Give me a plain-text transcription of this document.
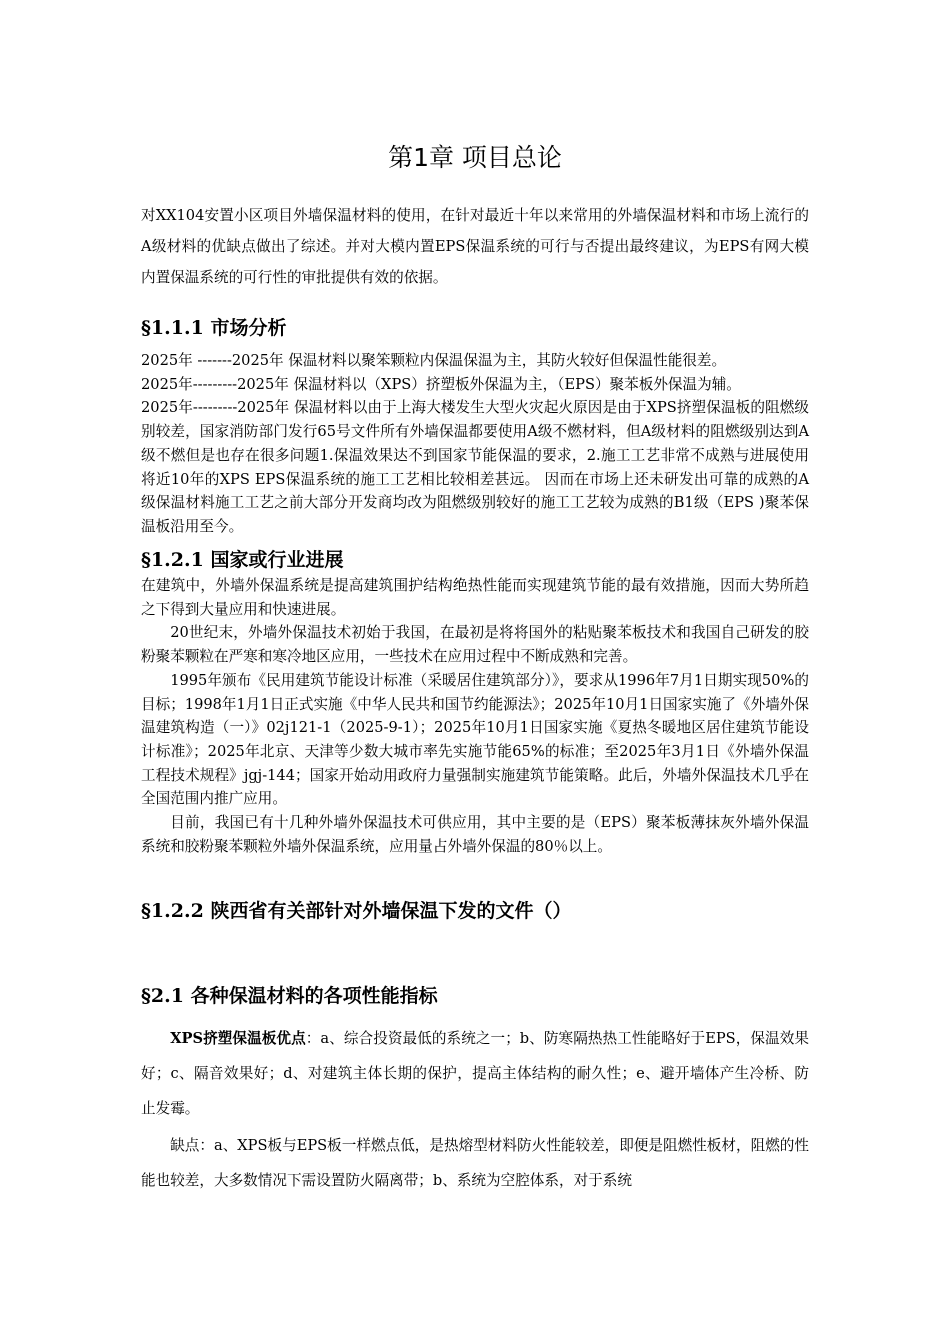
第1章 项目总论

对XX104安置小区项目外墙保温材料的使用，在针对最近十年以来常用的外墙保温材料和市场上流行的A级材料的优缺点做出了综述。并对大模内置EPS保温系统的可行与否提出最终建议，为EPS有网大模内置保温系统的可行性的审批提供有效的依据。

§1.1.1 市场分析
2025年 -------2025年 保温材料以聚笨颗粒内保温保温为主，其防火较好但保温性能很差。
2025年---------2025年 保温材料以（XPS）挤塑板外保温为主，（EPS）聚苯板外保温为辅。
2025年---------2025年 保温材料以由于上海大楼发生大型火灾起火原因是由于XPS挤塑保温板的阻燃级别较差，国家消防部门发行65号文件所有外墙保温都要使用A级不燃材料，但A级材料的阻燃级别达到A级不燃但是也存在很多问题1.保温效果达不到国家节能保温的要求，2.施工工艺非常不成熟与进展使用将近10年的XPS EPS保温系统的施工工艺相比较相差甚远。 因而在市场上还未研发出可靠的成熟的A级保温材料施工工艺之前大部分开发商均改为阻燃级别较好的施工工艺较为成熟的B1级（EPS )聚苯保温板沿用至今。
§1.2.1 国家或行业进展

在建筑中，外墙外保温系统是提高建筑围护结构绝热性能而实现建筑节能的最有效措施，因而大势所趋之下得到大量应用和快速进展。

20世纪末，外墙外保温技术初始于我国，在最初是将将国外的粘贴聚苯板技术和我国自己研发的胶粉聚苯颗粒在严寒和寒冷地区应用，一些技术在应用过程中不断成熟和完善。

1995年颁布《民用建筑节能设计标准（采暖居住建筑部分）》，要求从1996年7月1日期实现50%的目标；1998年1月1日正式实施《中华人民共和国节约能源法》；2025年10月1日国家实施了《外墙外保温建筑构造（一）》02j121-1（2025-9-1）；2025年10月1日国家实施《夏热冬暖地区居住建筑节能设计标准》；2025年北京、天津等少数大城市率先实施节能65%的标准；至2025年3月1日《外墙外保温工程技术规程》jgj-144；国家开始动用政府力量强制实施建筑节能策略。此后，外墙外保温技术几乎在全国范围内推广应用。

目前，我国已有十几种外墙外保温技术可供应用，其中主要的是（EPS）聚苯板薄抹灰外墙外保温系统和胶粉聚苯颗粒外墙外保温系统，应用量占外墙外保温的80％以上。

§1.2.2 陕西省有关部针对外墙保温下发的文件（）
§2.1 各种保温材料的各项性能指标

XPS挤塑保温板优点：a、综合投资最低的系统之一；b、防寒隔热热工性能略好于EPS，保温效果好；c、隔音效果好；d、对建筑主体长期的保护，提高主体结构的耐久性；e、避开墙体产生冷桥、防止发霉。

缺点：a、XPS板与EPS板一样燃点低，是热熔型材料防火性能较差，即便是阻燃性板材，阻燃的性能也较差，大多数情况下需设置防火隔离带；b、系统为空腔体系，对于系统
